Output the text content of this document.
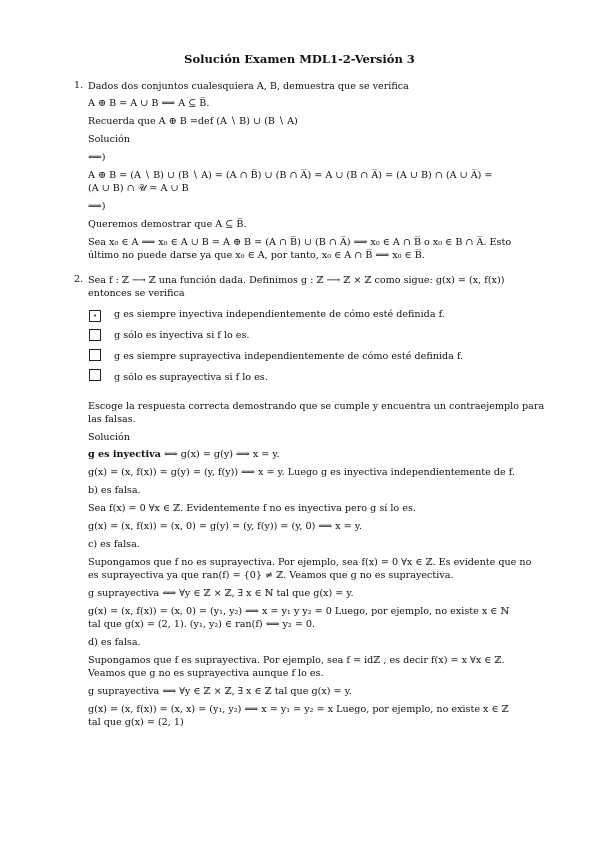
Solución Examen MDL1-2-Versión 3
1. Dados dos conjuntos cualesquiera A, B, demuestra que se verifica
A ⊕ B = A ∪ B ⟺ A ⊆ B̅.
Recuerda que A ⊕ B =def (A ∖ B) ∪ (B ∖ A)
Solución
⟸)
A ⊕ B = (A ∖ B) ∪ (B ∖ A) = (A ∩ B̅) ∪ (B ∩ A̅) = A ∪ (B ∩ A̅) = (A ∪ B) ∩ (A ∪ A̅) =
(A ∪ B) ∩ 𝒰 = A ∪ B
⟹)
Queremos demostrar que A ⊆ B̅.
Sea x₀ ∈ A ⟹ x₀ ∈ A ∪ B = A ⊕ B = (A ∩ B̅) ∪ (B ∩ A̅) ⟹ x₀ ∈ A ∩ B̅ o x₀ ∈ B ∩ A̅. Esto
último no puede darse ya que x₀ ∈ A, por tanto, x₀ ∈ A ∩ B̅ ⟹ x₀ ∈ B̅.
2. Sea f : ℤ ⟶ ℤ una función dada. Definimos g : ℤ ⟶ ℤ × ℤ como sigue: g(x) = (x, f(x))
entonces se verifica
⋆	g es siempre inyectiva independientemente de cómo esté definida f.
g sólo es inyectiva si f lo es.
g es siempre suprayectiva independientemente de cómo esté definida f.
g sólo es suprayectiva si f lo es.
Escoge la respuesta correcta demostrando que se cumple y encuentra un contraejemplo para
las falsas.
Solución
g es inyectiva ⟺ g(x) = g(y) ⟹ x = y.
g(x) = (x, f(x)) = g(y) = (y, f(y)) ⟹ x = y. Luego g es inyectiva independientemente de f.
b) es falsa.
Sea f(x) = 0 ∀x ∈ ℤ. Evidentemente f no es inyectiva pero g sí lo es.
g(x) = (x, f(x)) = (x, 0) = g(y) = (y, f(y)) = (y, 0) ⟹ x = y.
c) es falsa.
Supongamos que f no es suprayectiva. Por ejemplo, sea f(x) = 0 ∀x ∈ ℤ. Es evidente que no
es suprayectiva ya que ran(f) = {0} ≠ ℤ. Veamos que g no es suprayectiva.
g suprayectiva ⟺ ∀y ∈ ℤ × ℤ, ∃ x ∈ ℕ tal que g(x) = y.
g(x) = (x, f(x)) = (x, 0) = (y₁, y₂) ⟹ x = y₁ y y₂ = 0 Luego, por ejemplo, no existe x ∈ ℕ
tal que g(x) = (2, 1). (y₁, y₂) ∈ ran(f) ⟺ y₂ = 0.
d) es falsa.
Supongamos que f es suprayectiva. Por ejemplo, sea f = idℤ , es decir f(x) = x ∀x ∈ ℤ.
Veamos que g no es suprayectiva aunque f lo es.
g suprayectiva ⟺ ∀y ∈ ℤ × ℤ, ∃ x ∈ ℤ tal que g(x) = y.
g(x) = (x, f(x)) = (x, x) = (y₁, y₂) ⟹ x = y₁ = y₂ = x Luego, por ejemplo, no existe x ∈ ℤ
tal que g(x) = (2, 1)
